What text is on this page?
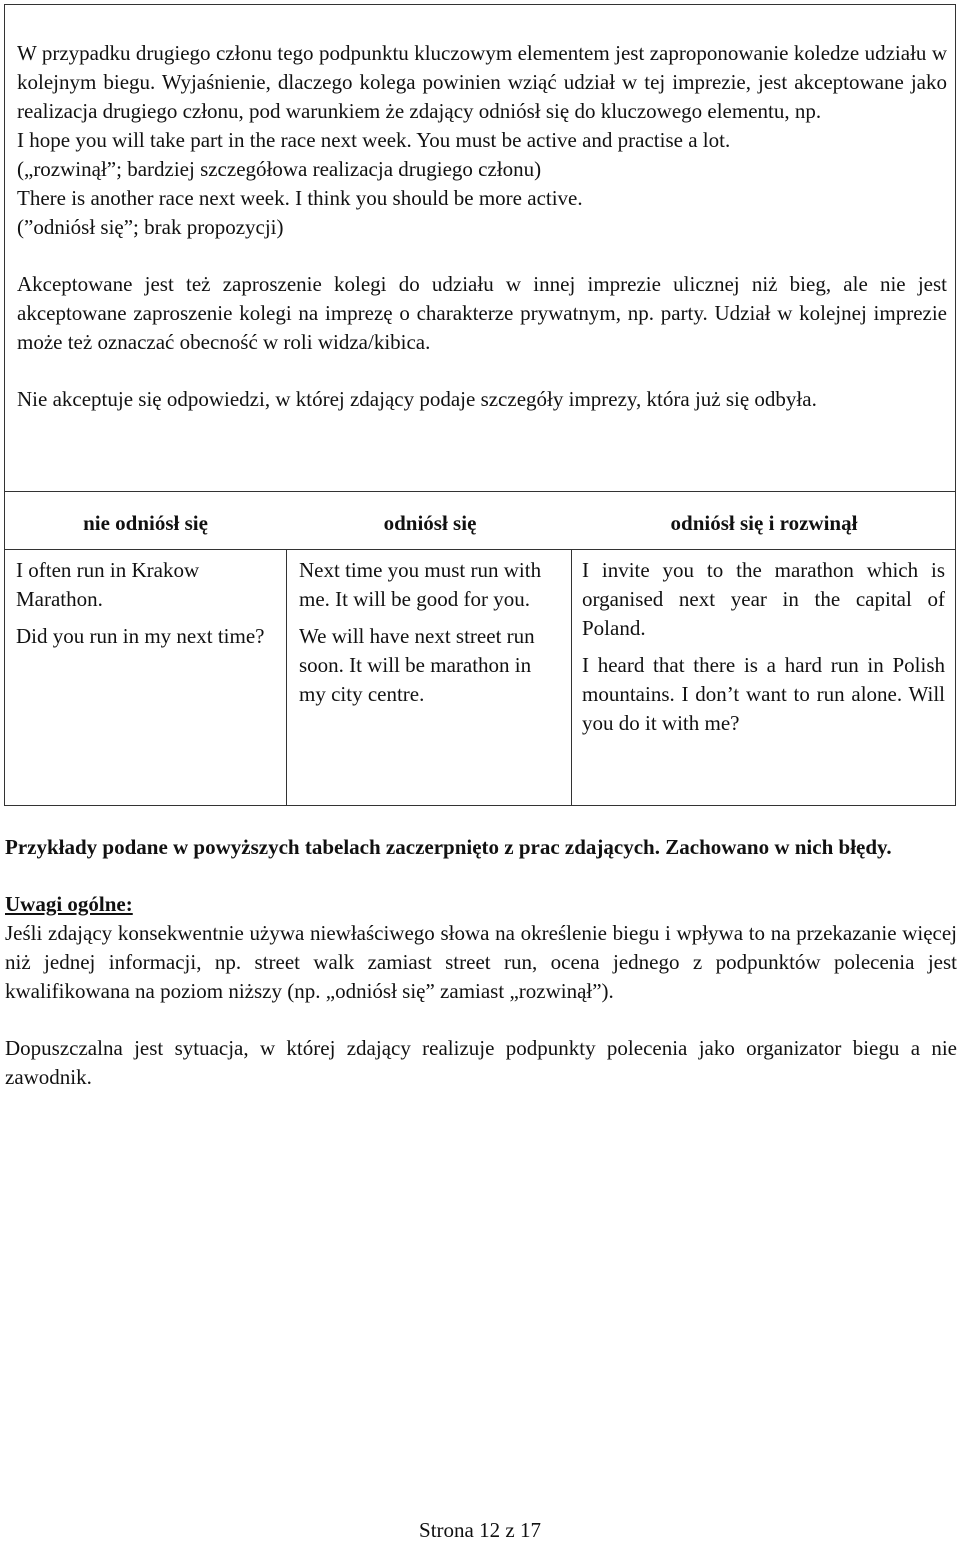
W przypadku drugiego członu tego podpunktu kluczowym elementem jest zaproponowanie koledze udziału w kolejnym biegu. Wyjaśnienie, dlaczego kolega powinien wziąć udział w tej imprezie, jest akceptowane jako realizacja drugiego członu, pod warunkiem że zdający odniósł się do kluczowego elementu, np.

I hope you will take part in the race next week. You must be active and practise a lot.

(„rozwinął”; bardziej szczegółowa realizacja drugiego członu)

There is another race next week. I think you should be more active.

(”odniósł się”; brak propozycji)

Akceptowane jest też zaproszenie kolegi do udziału w innej imprezie ulicznej niż bieg, ale nie jest akceptowane zaproszenie kolegi na imprezę o charakterze prywatnym, np. party. Udział w kolejnej imprezie może też oznaczać obecność w roli widza/kibica.

Nie akceptuje się odpowiedzi, w której zdający podaje szczegóły imprezy, która już się odbyła.

nie odniósł się	odniósł się	odniósł się i rozwinął

I often run in Krakow Marathon.

Did you run in my next time?

Next time you must run with me. It will be good for you.

We will have next street run soon. It will be marathon in my city centre.

I invite you to the marathon which is organised next year in the capital of Poland.

I heard that there is a hard run in Polish mountains. I don’t want to run alone. Will you do it with me?

Przykłady podane w powyższych tabelach zaczerpnięto z prac zdających. Zachowano w nich błędy.

Uwagi ogólne:

Jeśli zdający konsekwentnie używa niewłaściwego słowa na określenie biegu i wpływa to na przekazanie więcej niż jednej informacji, np. street walk zamiast street run, ocena jednego z podpunktów polecenia jest kwalifikowana na poziom niższy (np. „odniósł się” zamiast „rozwinął”).

Dopuszczalna jest sytuacja, w której zdający realizuje podpunkty polecenia jako organizator biegu a nie zawodnik.

Strona 12 z 17
